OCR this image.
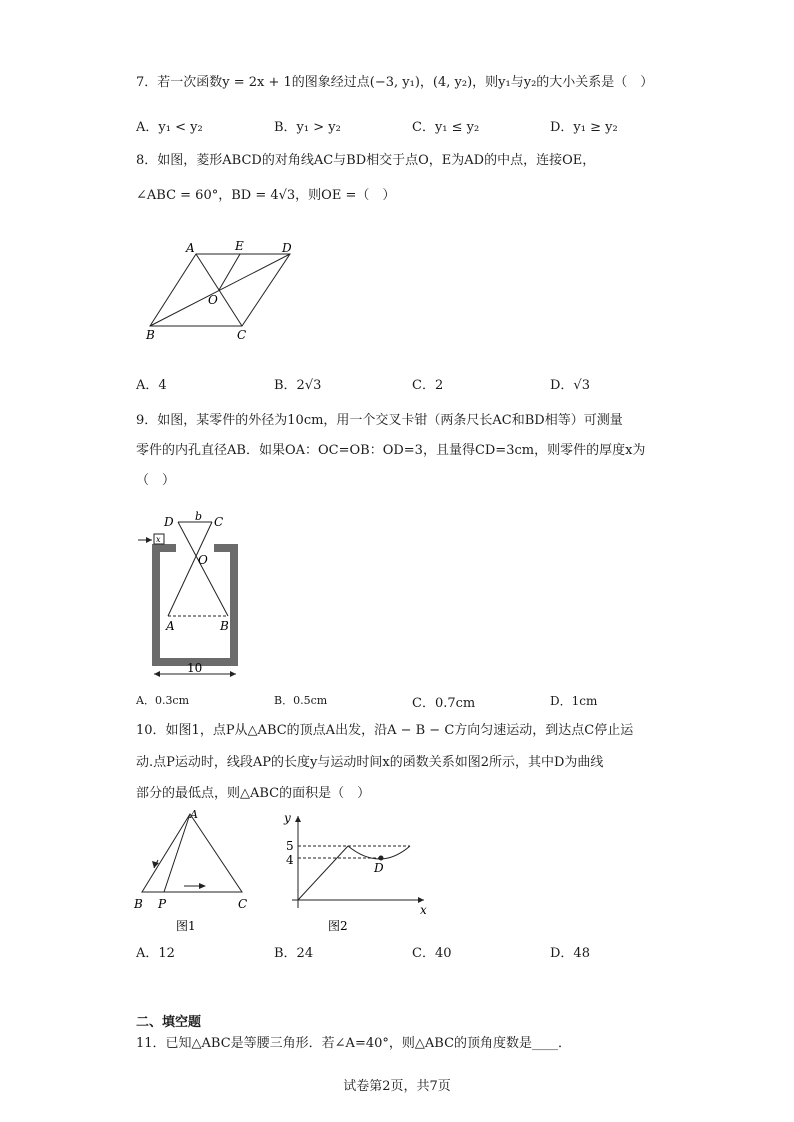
7．若一次函数y = 2x + 1的图象经过点(−3, y₁)，(4, y₂)，则y₁与y₂的大小关系是（　）
A．y₁ < y₂	B．y₁ > y₂	C．y₁ ≤ y₂	D．y₁ ≥ y₂
8．如图，菱形ABCD的对角线AC与BD相交于点O，E为AD的中点，连接OE，
∠ABC = 60°，BD = 4√3，则OE =（　）
A	E	D
O
B	C
A．4	B．2√3	C．2	D．√3
9．如图，某零件的外径为10cm，用一个交叉卡钳（两条尺长AC和BD相等）可测量
零件的内孔直径AB．如果OA：OC=OB：OD=3，且量得CD=3cm，则零件的厚度x为
（　）
D b C
x
O
A	B
10
A．0.3cm	B．0.5cm	C．0.7cm	D．1cm
10．如图1，点P从△ABC的顶点A出发，沿A − B − C方向匀速运动，到达点C停止运
动.点P运动时，线段AP的长度y与运动时间x的函数关系如图2所示，其中D为曲线
部分的最低点，则△ABC的面积是（　）
A
B P	C
图1
y
x
5
4
D
图2
A．12	B．24	C．40	D．48
二、填空题
11．已知△ABC是等腰三角形．若∠A=40°，则△ABC的顶角度数是____．
试卷第2页，共7页
